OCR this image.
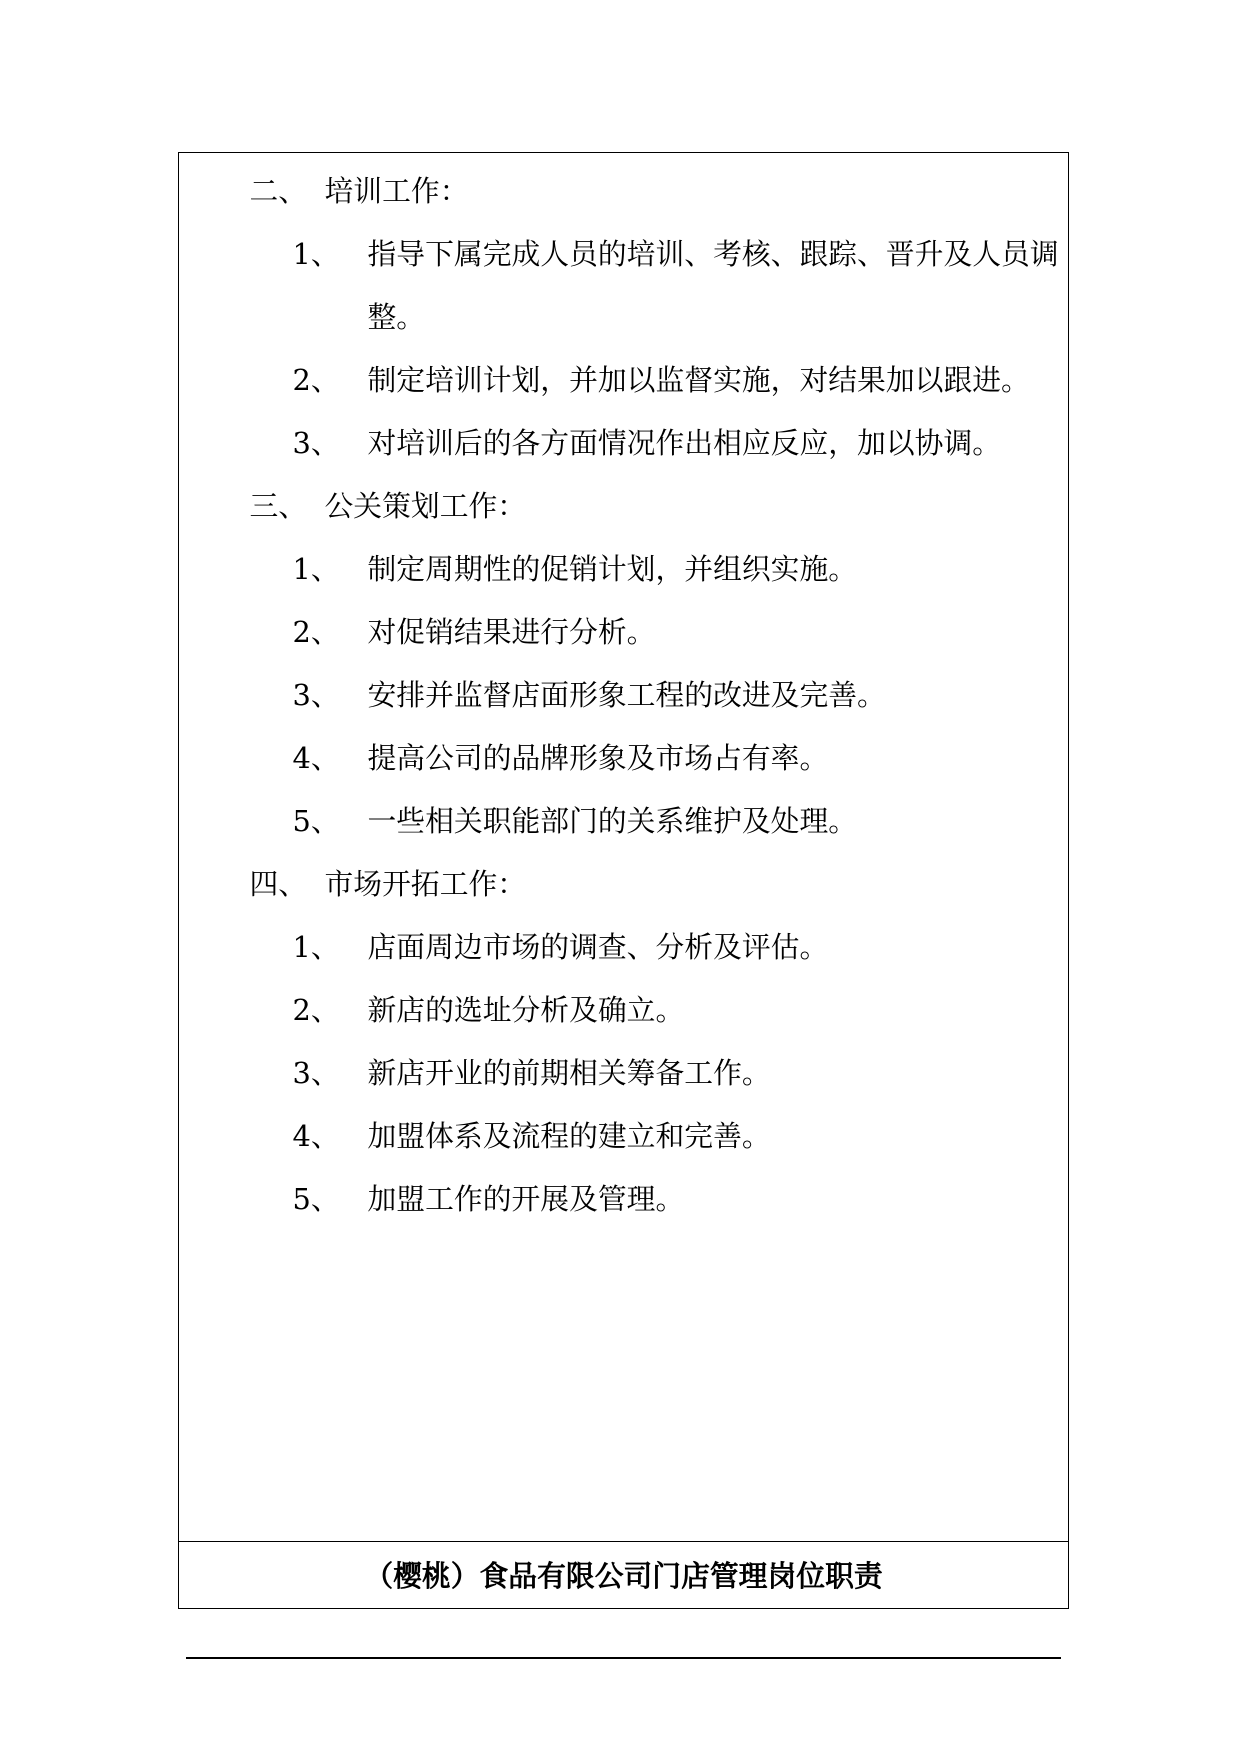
二、 培训工作：
1、 指导下属完成人员的培训、考核、跟踪、晋升及人员调整。
2、 制定培训计划，并加以监督实施，对结果加以跟进。
3、 对培训后的各方面情况作出相应反应，加以协调。
三、 公关策划工作：
1、 制定周期性的促销计划，并组织实施。
2、 对促销结果进行分析。
3、 安排并监督店面形象工程的改进及完善。
4、 提高公司的品牌形象及市场占有率。
5、 一些相关职能部门的关系维护及处理。
四、 市场开拓工作：
1、 店面周边市场的调查、分析及评估。
2、 新店的选址分析及确立。
3、 新店开业的前期相关筹备工作。
4、 加盟体系及流程的建立和完善。
5、 加盟工作的开展及管理。
（樱桃）食品有限公司门店管理岗位职责
